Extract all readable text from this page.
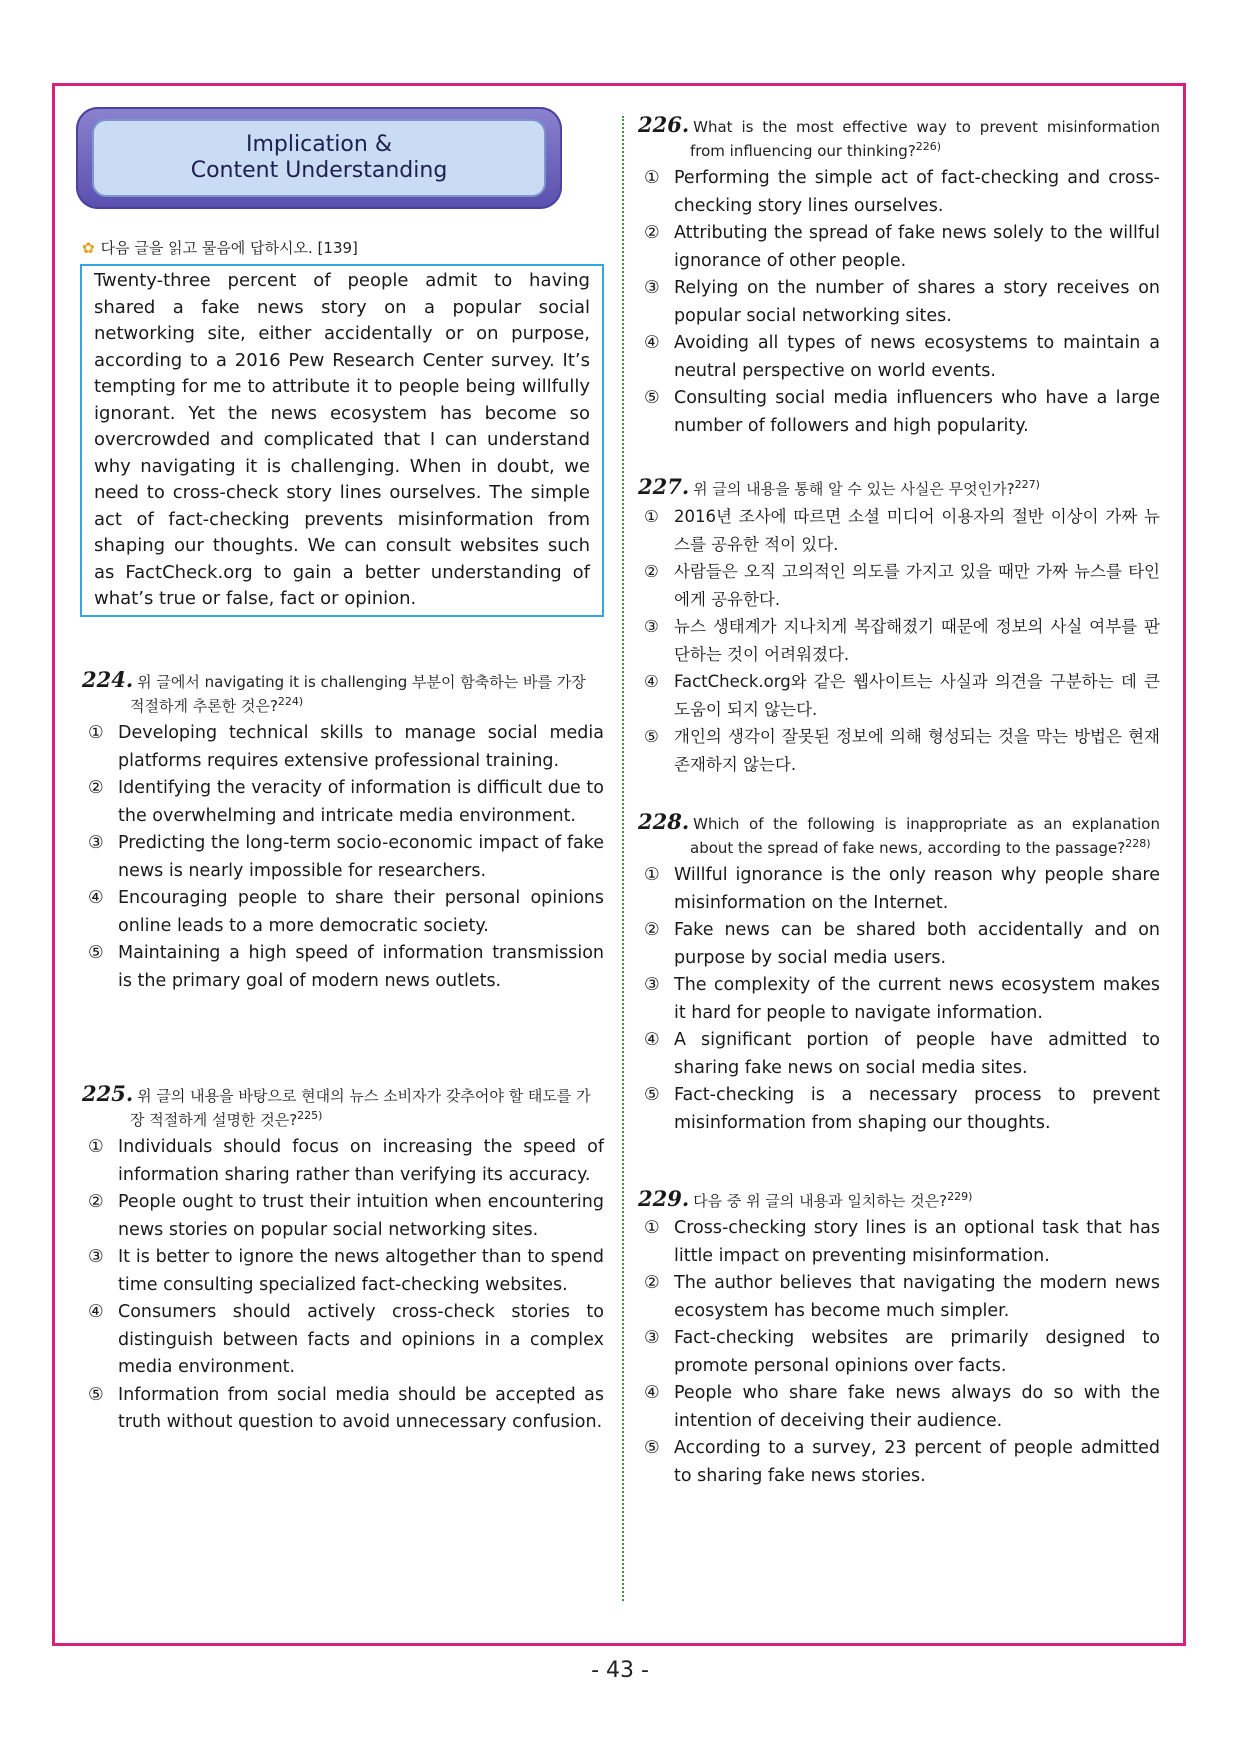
Implication &
Content Understanding
✿ 다음 글을 읽고 물음에 답하시오. [139]
Twenty-three percent of people admit to having shared a fake news story on a popular social networking site, either accidentally or on purpose, according to a 2016 Pew Research Center survey. It’s tempting for me to attribute it to people being willfully ignorant. Yet the news ecosystem has become so overcrowded and complicated that I can understand why navigating it is challenging. When in doubt, we need to cross-check story lines ourselves. The simple act of fact-checking prevents misinformation from shaping our thoughts. We can consult websites such as FactCheck.org to gain a better understanding of what’s true or false, fact or opinion.
224. 위 글에서 navigating it is challenging 부분이 함축하는 바를 가장 적절하게 추론한 것은?$^{224)}$
① Developing technical skills to manage social media platforms requires extensive professional training.
② Identifying the veracity of information is difficult due to the overwhelming and intricate media environment.
③ Predicting the long-term socio-economic impact of fake news is nearly impossible for researchers.
④ Encouraging people to share their personal opinions online leads to a more democratic society.
⑤ Maintaining a high speed of information transmission is the primary goal of modern news outlets.
225. 위 글의 내용을 바탕으로 현대의 뉴스 소비자가 갖추어야 할 태도를 가장 적절하게 설명한 것은?$^{225)}$
① Individuals should focus on increasing the speed of information sharing rather than verifying its accuracy.
② People ought to trust their intuition when encountering news stories on popular social networking sites.
③ It is better to ignore the news altogether than to spend time consulting specialized fact-checking websites.
④ Consumers should actively cross-check stories to distinguish between facts and opinions in a complex media environment.
⑤ Information from social media should be accepted as truth without question to avoid unnecessary confusion.
226. What is the most effective way to prevent misinformation from influencing our thinking?$^{226)}$
① Performing the simple act of fact-checking and cross-checking story lines ourselves.
② Attributing the spread of fake news solely to the willful ignorance of other people.
③ Relying on the number of shares a story receives on popular social networking sites.
④ Avoiding all types of news ecosystems to maintain a neutral perspective on world events.
⑤ Consulting social media influencers who have a large number of followers and high popularity.
227. 위 글의 내용을 통해 알 수 있는 사실은 무엇인가?$^{227)}$
① 2016년 조사에 따르면 소셜 미디어 이용자의 절반 이상이 가짜 뉴스를 공유한 적이 있다.
② 사람들은 오직 고의적인 의도를 가지고 있을 때만 가짜 뉴스를 타인에게 공유한다.
③ 뉴스 생태계가 지나치게 복잡해졌기 때문에 정보의 사실 여부를 판단하는 것이 어려워졌다.
④ FactCheck.org와 같은 웹사이트는 사실과 의견을 구분하는 데 큰 도움이 되지 않는다.
⑤ 개인의 생각이 잘못된 정보에 의해 형성되는 것을 막는 방법은 현재 존재하지 않는다.
228. Which of the following is inappropriate as an explanation about the spread of fake news, according to the passage?$^{228)}$
① Willful ignorance is the only reason why people share misinformation on the Internet.
② Fake news can be shared both accidentally and on purpose by social media users.
③ The complexity of the current news ecosystem makes it hard for people to navigate information.
④ A significant portion of people have admitted to sharing fake news on social media sites.
⑤ Fact-checking is a necessary process to prevent misinformation from shaping our thoughts.
229. 다음 중 위 글의 내용과 일치하는 것은?$^{229)}$
① Cross-checking story lines is an optional task that has little impact on preventing misinformation.
② The author believes that navigating the modern news ecosystem has become much simpler.
③ Fact-checking websites are primarily designed to promote personal opinions over facts.
④ People who share fake news always do so with the intention of deceiving their audience.
⑤ According to a survey, 23 percent of people admitted to sharing fake news stories.
- 43 -
